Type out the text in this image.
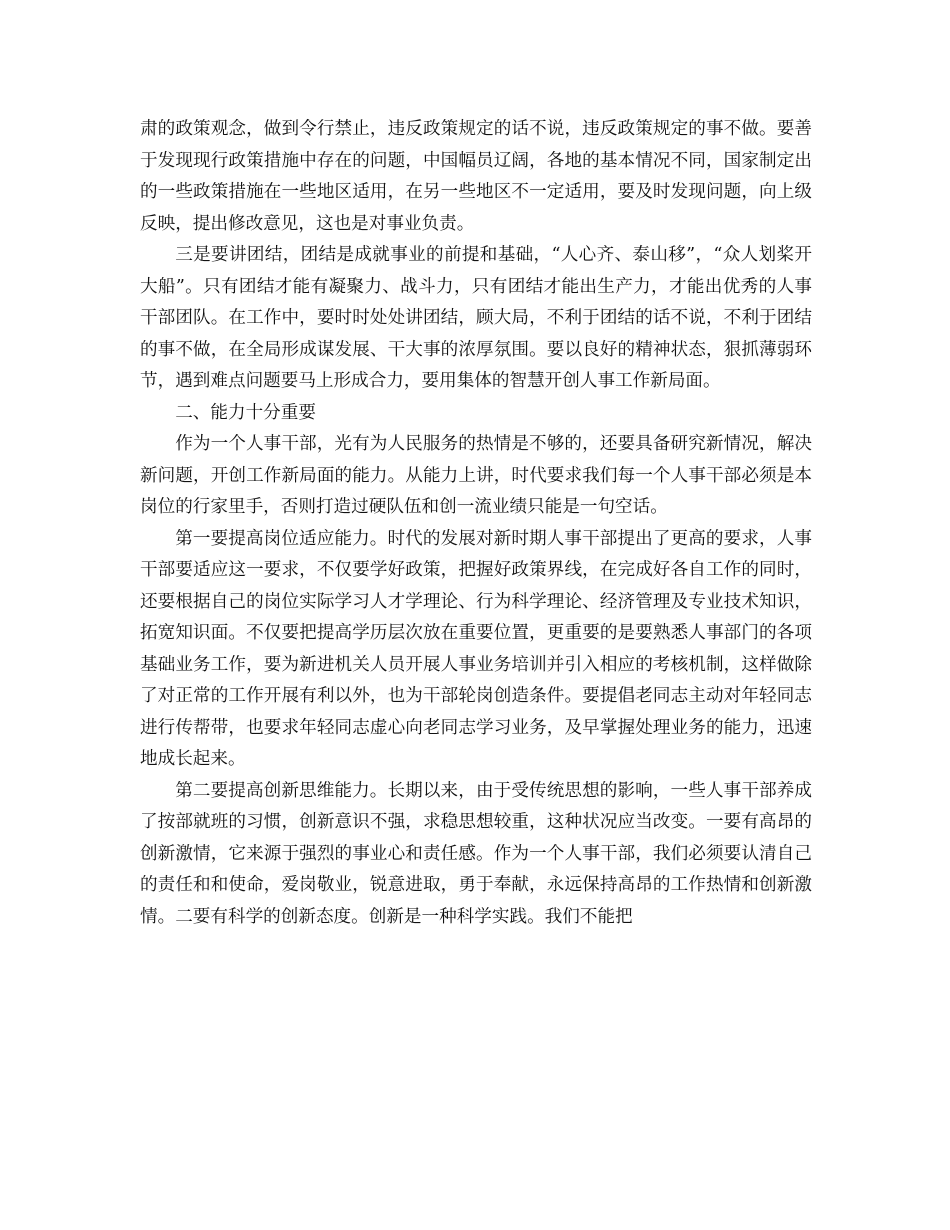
肃的政策观念，做到令行禁止，违反政策规定的话不说，违反政策规定的事不做。要善于发现现行政策措施中存在的问题，中国幅员辽阔，各地的基本情况不同，国家制定出的一些政策措施在一些地区适用，在另一些地区不一定适用，要及时发现问题，向上级反映，提出修改意见，这也是对事业负责。

三是要讲团结，团结是成就事业的前提和基础，“人心齐、泰山移”，“众人划桨开大船”。只有团结才能有凝聚力、战斗力，只有团结才能出生产力，才能出优秀的人事干部团队。在工作中，要时时处处讲团结，顾大局，不利于团结的话不说，不利于团结的事不做，在全局形成谋发展、干大事的浓厚氛围。要以良好的精神状态，狠抓薄弱环节，遇到难点问题要马上形成合力，要用集体的智慧开创人事工作新局面。

二、能力十分重要

作为一个人事干部，光有为人民服务的热情是不够的，还要具备研究新情况，解决新问题，开创工作新局面的能力。从能力上讲，时代要求我们每一个人事干部必须是本岗位的行家里手，否则打造过硬队伍和创一流业绩只能是一句空话。

第一要提高岗位适应能力。时代的发展对新时期人事干部提出了更高的要求，人事干部要适应这一要求，不仅要学好政策，把握好政策界线，在完成好各自工作的同时，还要根据自己的岗位实际学习人才学理论、行为科学理论、经济管理及专业技术知识，拓宽知识面。不仅要把提高学历层次放在重要位置，更重要的是要熟悉人事部门的各项基础业务工作，要为新进机关人员开展人事业务培训并引入相应的考核机制，这样做除了对正常的工作开展有利以外，也为干部轮岗创造条件。要提倡老同志主动对年轻同志进行传帮带，也要求年轻同志虚心向老同志学习业务，及早掌握处理业务的能力，迅速地成长起来。

第二要提高创新思维能力。长期以来，由于受传统思想的影响，一些人事干部养成了按部就班的习惯，创新意识不强，求稳思想较重，这种状况应当改变。一要有高昂的创新激情，它来源于强烈的事业心和责任感。作为一个人事干部，我们必须要认清自己的责任和和使命，爱岗敬业，锐意进取，勇于奉献，永远保持高昂的工作热情和创新激情。二要有科学的创新态度。创新是一种科学实践。我们不能把
